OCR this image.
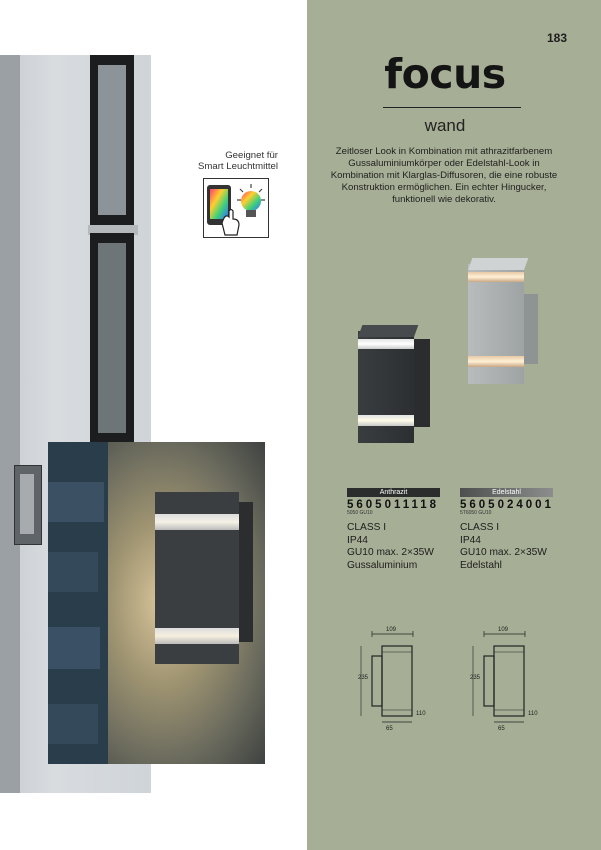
Geeignet für
Smart Leuchtmittel
183
focus
wand
Zeitloser Look in Kombination mit athrazitfarbenem Gussaluminiumkörper oder Edelstahl-Look in Kombination mit Klarglas-Diffusoren, die eine robuste Konstruktion ermöglichen. Ein echter Hingucker, funktionell wie dekorativ.
Anthrazit
5605011118
5050 GU10
CLASS I
IP44
GU10 max. 2×35W
Gussaluminium
Edelstahl
5605024001
5T6050 GU10
CLASS I
IP44
GU10 max. 2×35W
Edelstahl
109
235
65
110
109
235
65
110
